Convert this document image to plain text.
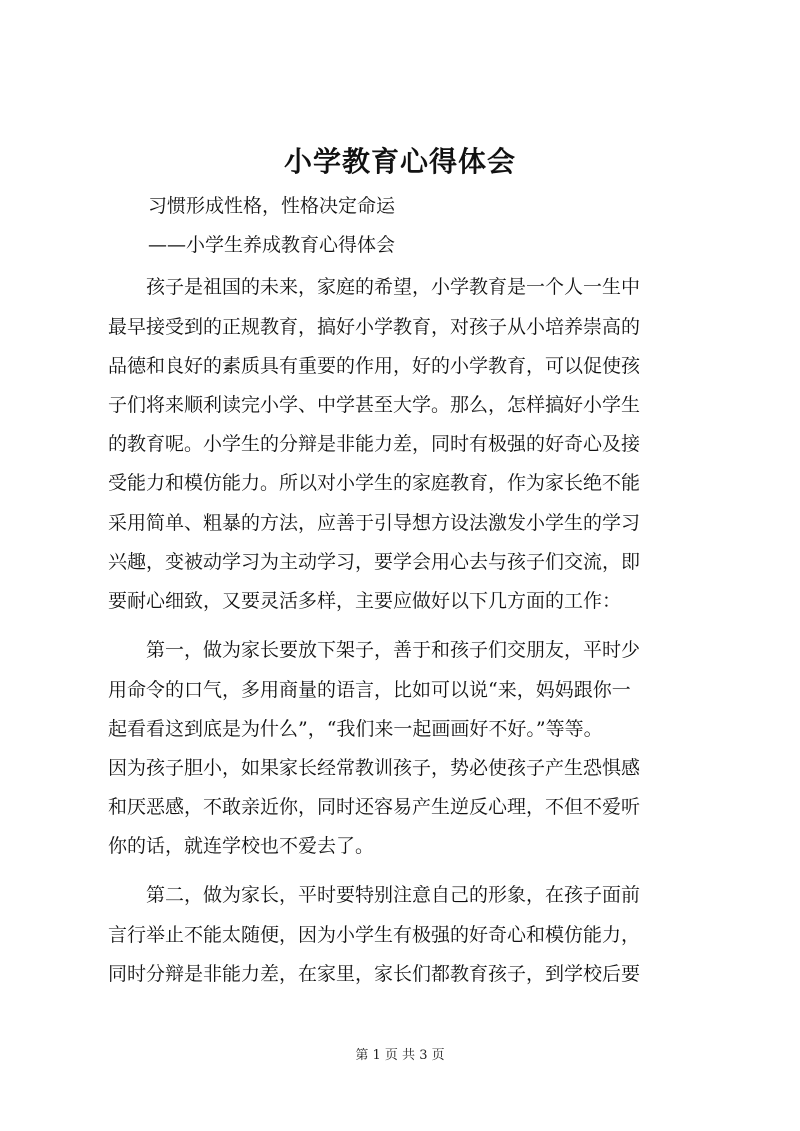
小学教育心得体会
习惯形成性格，性格决定命运
——小学生养成教育心得体会
　　孩子是祖国的未来，家庭的希望，小学教育是一个人一生中
最早接受到的正规教育，搞好小学教育，对孩子从小培养崇高的
品德和良好的素质具有重要的作用，好的小学教育，可以促使孩
子们将来顺利读完小学、中学甚至大学。那么，怎样搞好小学生
的教育呢。小学生的分辩是非能力差，同时有极强的好奇心及接
受能力和模仿能力。所以对小学生的家庭教育，作为家长绝不能
采用简单、粗暴的方法，应善于引导想方设法激发小学生的学习
兴趣，变被动学习为主动学习，要学会用心去与孩子们交流，即
要耐心细致，又要灵活多样，主要应做好以下几方面的工作：
　　第一，做为家长要放下架子，善于和孩子们交朋友，平时少
用命令的口气，多用商量的语言，比如可以说“来，妈妈跟你一
起看看这到底是为什么”，“我们来一起画画好不好。”等等。
因为孩子胆小，如果家长经常教训孩子，势必使孩子产生恐惧感
和厌恶感，不敢亲近你，同时还容易产生逆反心理，不但不爱听
你的话，就连学校也不爱去了。
　　第二，做为家长，平时要特别注意自己的形象，在孩子面前
言行举止不能太随便，因为小学生有极强的好奇心和模仿能力，
同时分辩是非能力差，在家里，家长们都教育孩子，到学校后要
第 1 页 共 3 页
